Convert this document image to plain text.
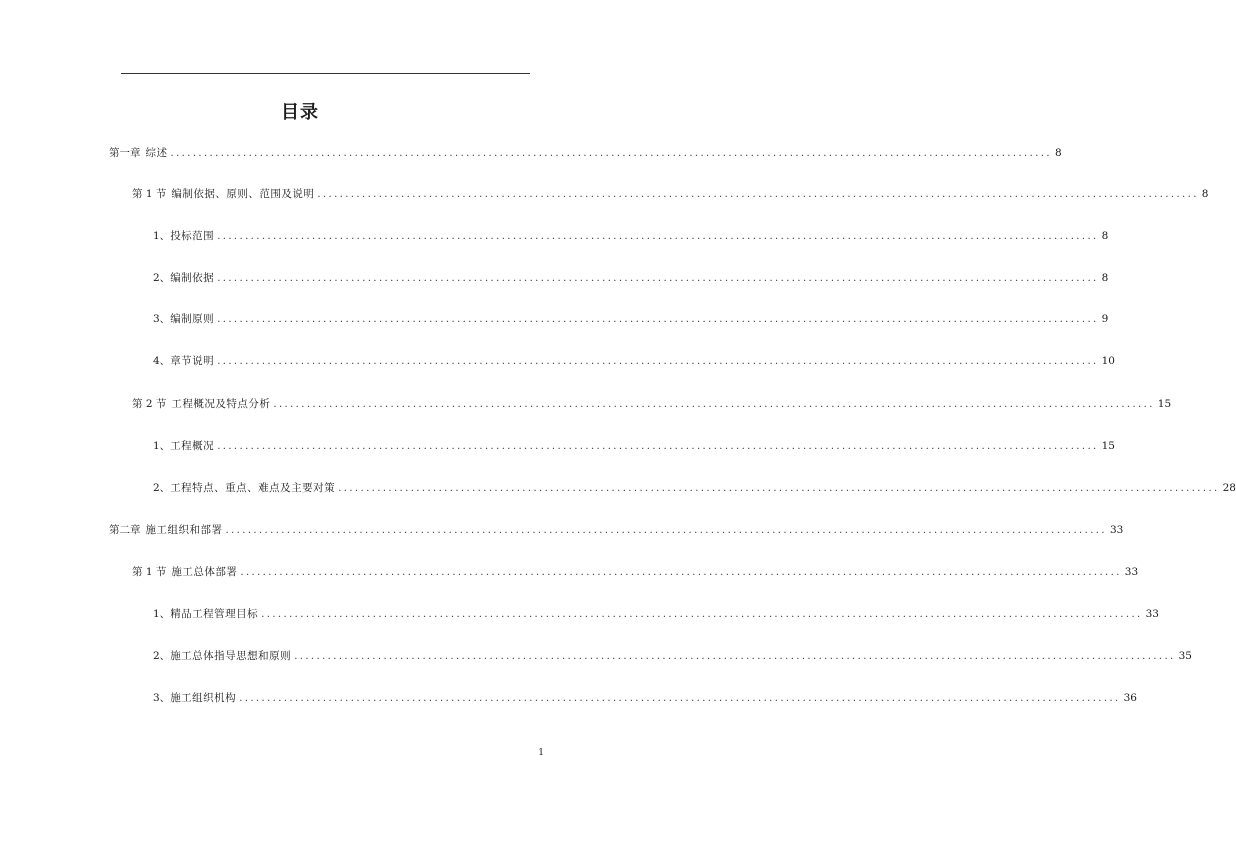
目录
第一章 综述 .............................................................................................................................................................. 8
第 1 节 编制依据、原则、范围及说明 .............................................................................................................................................................. 8
1、 投标范围 .............................................................................................................................................................. 8
2、 编制依据 .............................................................................................................................................................. 8
3、 编制原则 .............................................................................................................................................................. 9
4、 章节说明 .............................................................................................................................................................. 10
第 2 节 工程概况及特点分析 .............................................................................................................................................................. 15
1、 工程概况 .............................................................................................................................................................. 15
2、 工程特点、重点、难点及主要对策 .............................................................................................................................................................. 28
第二章 施工组织和部署 .............................................................................................................................................................. 33
第 1 节 施工总体部署 .............................................................................................................................................................. 33
1、 精品工程管理目标 .............................................................................................................................................................. 33
2、 施工总体指导思想和原则 .............................................................................................................................................................. 35
3、 施工组织机构 .............................................................................................................................................................. 36
1
